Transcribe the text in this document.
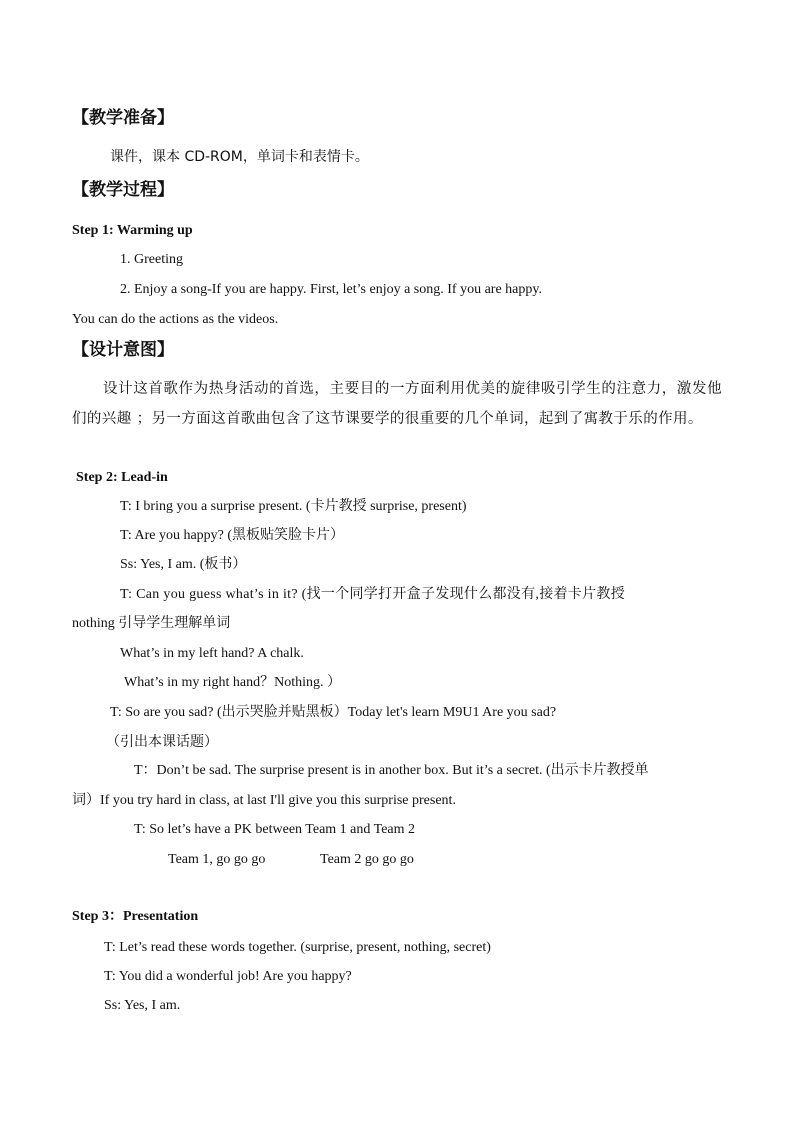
【教学准备】
课件，课本 CD-ROM，单词卡和表情卡。
【教学过程】
Step 1: Warming up
1. Greeting
2. Enjoy a song-If you are happy. First, let’s enjoy a song. If you are happy.
You can do the actions as the videos.
【设计意图】
设计这首歌作为热身活动的首选，主要目的一方面利用优美的旋律吸引学生的注意力，激发他们的兴趣 ；另一方面这首歌曲包含了这节课要学的很重要的几个单词，起到了寓教于乐的作用。
Step 2: Lead-in
T: I bring you a surprise present. (卡片教授 surprise, present)
T: Are you happy? (黑板贴笑脸卡片）
Ss: Yes, I am. (板书）
T: Can you guess what’s in it? (找一个同学打开盒子发现什么都没有,接着卡片教授
nothing 引导学生理解单词
What’s in my left hand? A chalk.
What’s in my right hand？Nothing. ）
T: So are you sad? (出示哭脸并贴黑板）Today let's learn M9U1 Are you sad?
（引出本课话题）
T：Don’t be sad. The surprise present is in another box. But it’s a secret. (出示卡片教授单
词）If you try hard in class, at last I'll give you this surprise present.
T: So let’s have a PK between Team 1 and Team 2
Team 1, go go go	Team 2 go go go
Step 3：Presentation
T: Let’s read these words together. (surprise, present, nothing, secret)
T: You did a wonderful job! Are you happy?
Ss: Yes, I am.
